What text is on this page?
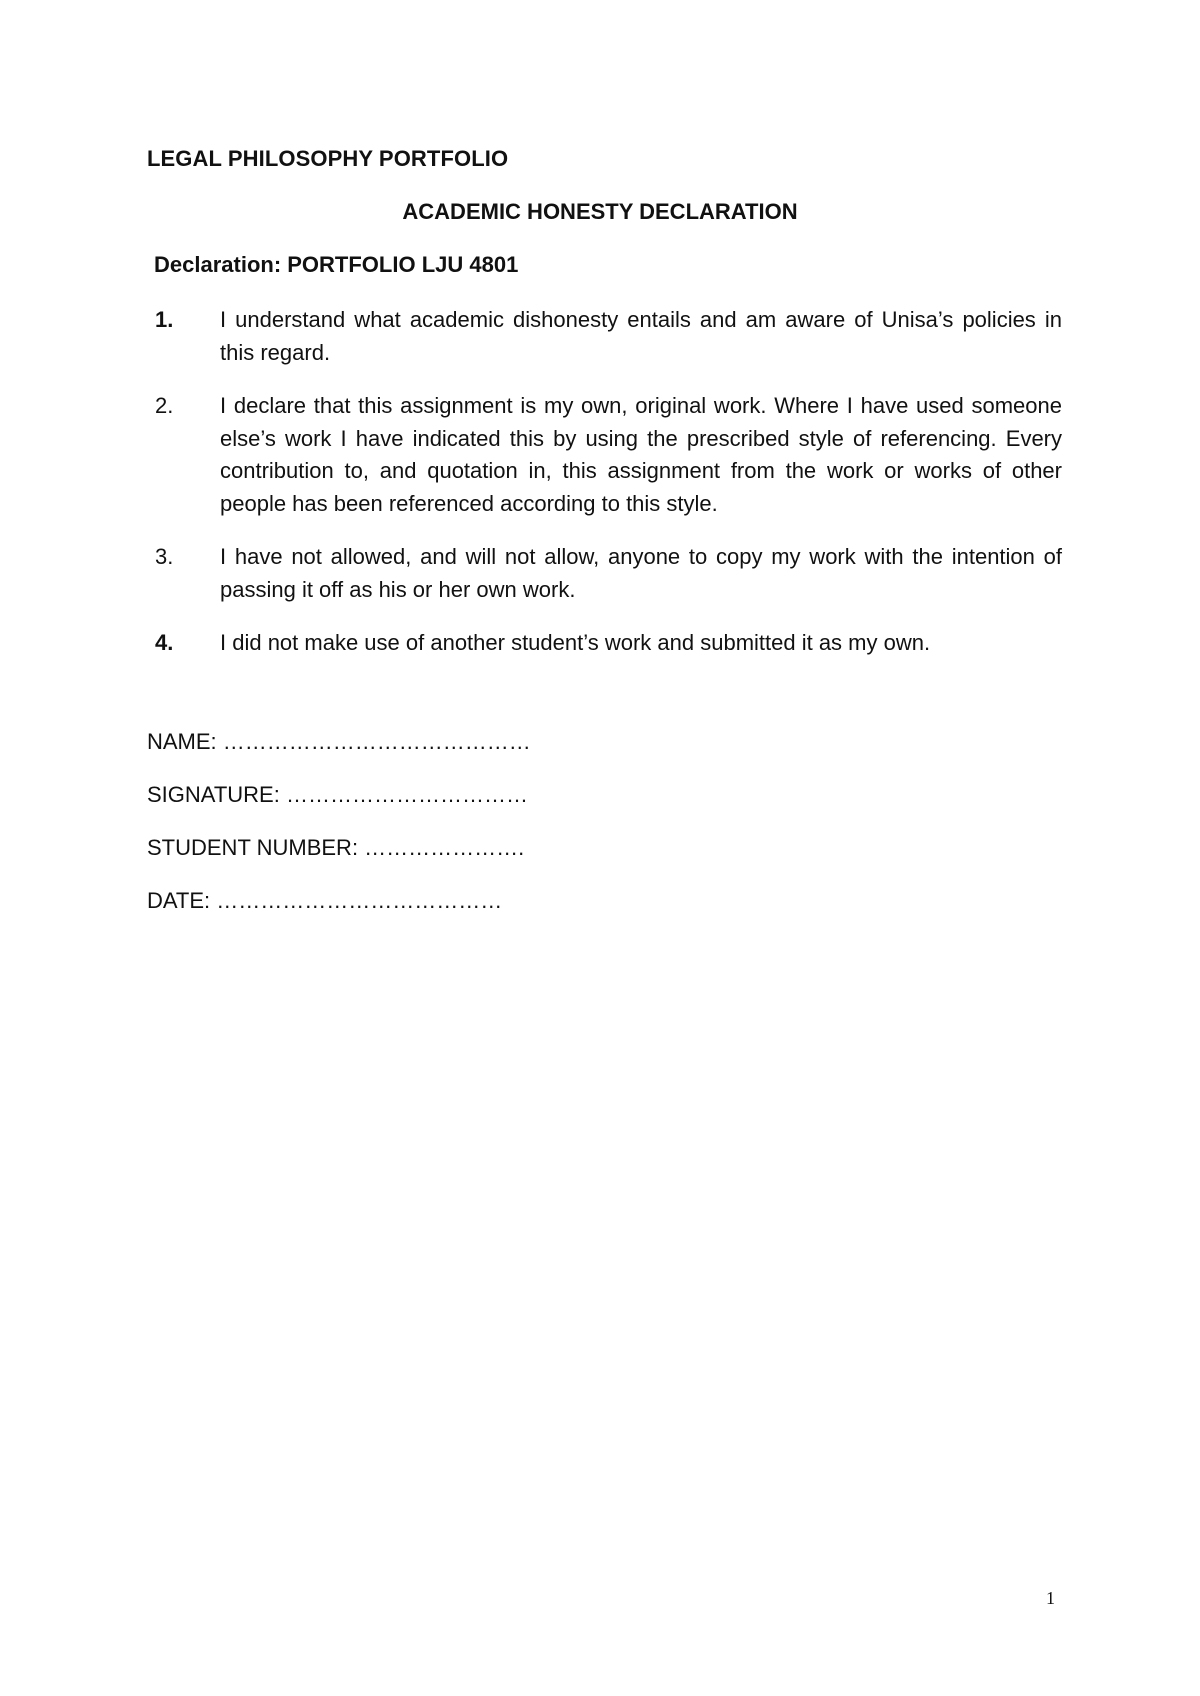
LEGAL PHILOSOPHY PORTFOLIO
ACADEMIC HONESTY DECLARATION
Declaration: PORTFOLIO LJU 4801
1.	I understand what academic dishonesty entails and am aware of Unisa’s policies in this regard.
2.	I declare that this assignment is my own, original work. Where I have used someone else’s work I have indicated this by using the prescribed style of referencing. Every contribution to, and quotation in, this assignment from the work or works of other people has been referenced according to this style.
3.	I have not allowed, and will not allow, anyone to copy my work with the intention of passing it off as his or her own work.
4.	I did not make use of another student’s work and submitted it as my own.
NAME: ……………………………………
SIGNATURE: ……………………………
STUDENT NUMBER: ………………….
DATE: …………………………………
1
